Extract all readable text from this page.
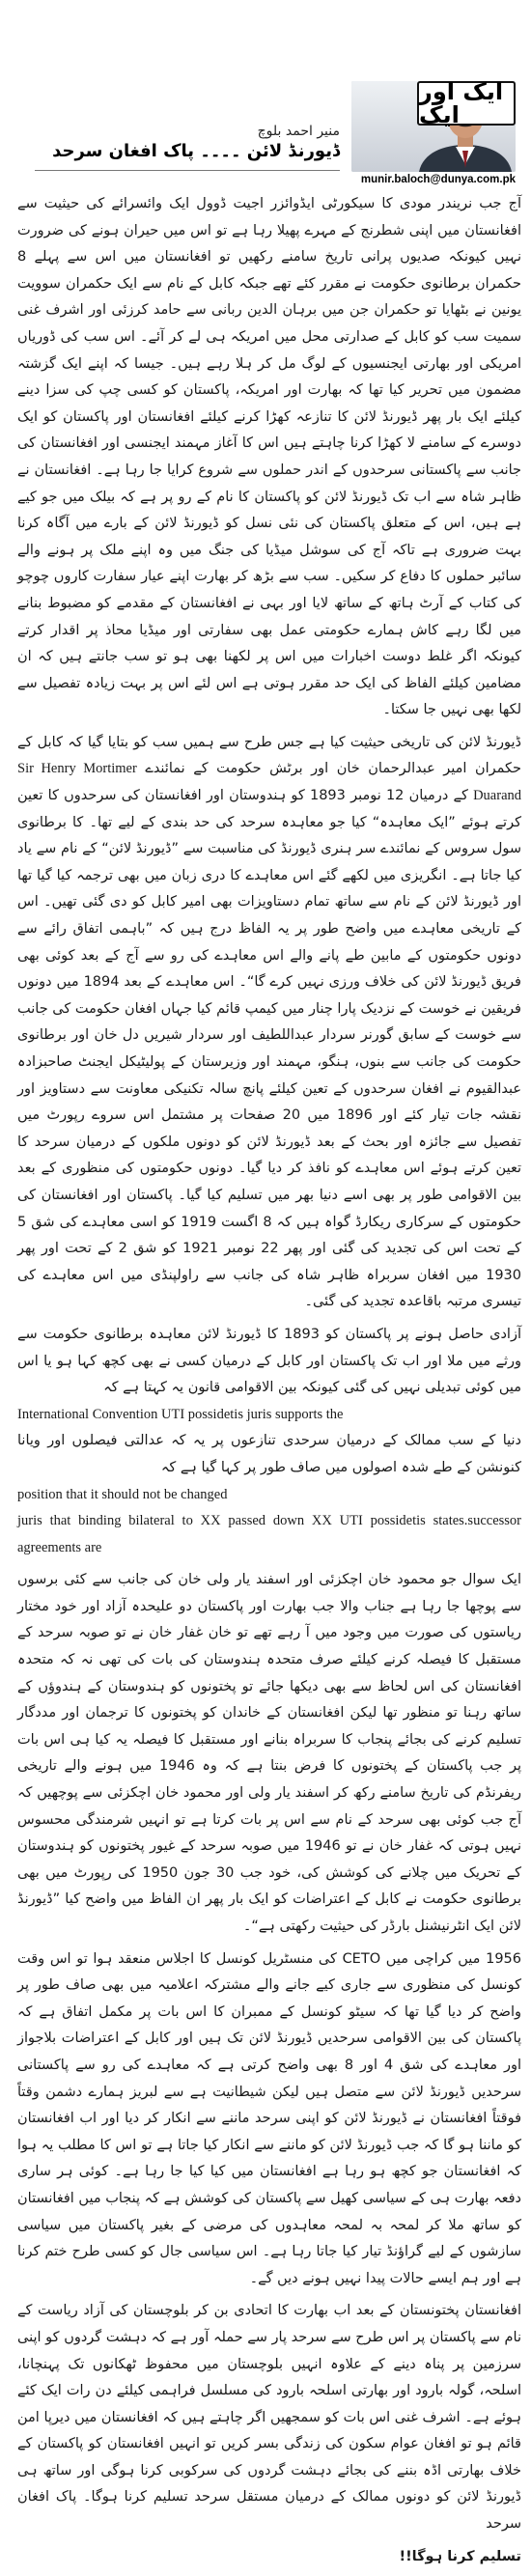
ایک اور ایک
منیر احمد بلوچ
ڈیورنڈ لائن ۔۔۔۔ پاک افغان سرحد
munir.baloch@dunya.com.pk

آج جب نریندر مودی کا سیکورٹی ایڈوائزر اجیت ڈوول ایک وائسرائے کی حیثیت سے افغانستان میں اپنی شطرنج کے مہرے پھیلا رہا ہے تو اس میں حیران ہونے کی ضرورت نہیں کیونکہ صدیوں پرانی تاریخ سامنے رکھیں تو افغانستان میں اس سے پہلے 8 حکمران برطانوی حکومت نے مقرر کئے تھے جبکہ کابل کے نام سے ایک حکمران سوویت یونین نے بٹھایا تو حکمران جن میں برہان الدین ربانی سے حامد کرزئی اور اشرف غنی سمیت سب کو کابل کے صدارتی محل میں امریکہ ہی لے کر آئے۔ اس سب کی ڈوریاں امریکی اور بھارتی ایجنسیوں کے لوگ مل کر ہلا رہے ہیں۔ جیسا کہ اپنے ایک گزشتہ مضمون میں تحریر کیا تھا کہ بھارت اور امریکہ، پاکستان کو کسی چپ کی سزا دینے کیلئے ایک بار پھر ڈیورنڈ لائن کا تنازعہ کھڑا کرنے کیلئے افغانستان اور پاکستان کو ایک دوسرے کے سامنے لا کھڑا کرنا چاہتے ہیں اس کا آغاز مہمند ایجنسی اور افغانستان کی جانب سے پاکستانی سرحدوں کے اندر حملوں سے شروع کرایا جا رہا ہے۔ افغانستان نے ظاہر شاہ سے اب تک ڈیورنڈ لائن کو پاکستان کا نام کے رو پر ہے کہ بیلک میں جو کیے ہے ہیں، اس کے متعلق پاکستان کی نئی نسل کو ڈیورنڈ لائن کے بارے میں آگاہ کرنا بہت ضروری ہے تاکہ آج کی سوشل میڈیا کی جنگ میں وہ اپنے ملک پر ہونے والے سائبر حملوں کا دفاع کر سکیں۔ سب سے بڑھ کر بھارت اپنے عیار سفارت کاروں چوچو کی کتاب کے آرٹ ہاتھ کے ساتھ لایا اور بہی نے افغانستان کے مقدمے کو مضبوط بنانے میں لگا رہے کاش ہمارے حکومتی عمل بھی سفارتی اور میڈیا محاذ پر اقدار کرتے کیونکہ اگر غلط دوست اخبارات میں اس پر لکھنا بھی ہو تو سب جانتے ہیں کہ ان مضامین کیلئے الفاظ کی ایک حد مقرر ہوتی ہے اس لئے اس پر بہت زیادہ تفصیل سے لکھا بھی نہیں جا سکتا۔

ڈیورنڈ لائن کی تاریخی حیثیت کیا ہے جس طرح سے ہمیں سب کو بتایا گیا کہ کابل کے حکمران امیر عبدالرحمان خان اور برٹش حکومت کے نمائندے Sir Henry Mortimer Duarand کے درمیان 12 نومبر 1893 کو ہندوستان اور افغانستان کی سرحدوں کا تعین کرتے ہوئے ”ایک معاہدہ“ کیا جو معاہدہ سرحد کی حد بندی کے لیے تھا۔ کا برطانوی سول سروس کے نمائندے سر ہنری ڈیورنڈ کی مناسبت سے ”ڈیورنڈ لائن“ کے نام سے یاد کیا جاتا ہے۔ انگریزی میں لکھے گئے اس معاہدے کا دری زبان میں بھی ترجمہ کیا گیا تھا اور ڈیورنڈ لائن کے نام سے ساتھ تمام دستاویزات بھی امیر کابل کو دی گئی تھیں۔ اس کے تاریخی معاہدے میں واضح طور پر یہ الفاظ درج ہیں کہ ”باہمی اتفاق رائے سے دونوں حکومتوں کے مابین طے پانے والے اس معاہدے کی رو سے آج کے بعد کوئی بھی فریق ڈیورنڈ لائن کی خلاف ورزی نہیں کرے گا“۔ اس معاہدے کے بعد 1894 میں دونوں فریقین نے خوست کے نزدیک پارا چنار میں کیمپ قائم کیا جہاں افغان حکومت کی جانب سے خوست کے سابق گورنر سردار عبداللطیف اور سردار شیریں دل خان اور برطانوی حکومت کی جانب سے بنوں، ہنگو، مہمند اور وزیرستان کے پولیٹیکل ایجنٹ صاحبزادہ عبدالقیوم نے افغان سرحدوں کے تعین کیلئے پانچ سالہ تکنیکی معاونت سے دستاویز اور نقشہ جات تیار کئے اور 1896 میں 20 صفحات پر مشتمل اس سروے رپورٹ میں تفصیل سے جائزہ اور بحث کے بعد ڈیورنڈ لائن کو دونوں ملکوں کے درمیان سرحد کا تعین کرتے ہوئے اس معاہدے کو نافذ کر دیا گیا۔ دونوں حکومتوں کی منظوری کے بعد بین الاقوامی طور پر بھی اسے دنیا بھر میں تسلیم کیا گیا۔ پاکستان اور افغانستان کی حکومتوں کے سرکاری ریکارڈ گواہ ہیں کہ 8 اگست 1919 کو اسی معاہدے کی شق 5 کے تحت اس کی تجدید کی گئی اور پھر 22 نومبر 1921 کو شق 2 کے تحت اور پھر 1930 میں افغان سربراہ ظاہر شاہ کی جانب سے راولپنڈی میں اس معاہدے کی تیسری مرتبہ باقاعدہ تجدید کی گئی۔

آزادی حاصل ہونے پر پاکستان کو 1893 کا ڈیورنڈ لائن معاہدہ برطانوی حکومت سے ورثے میں ملا اور اب تک پاکستان اور کابل کے درمیان کسی نے بھی کچھ کہا ہو یا اس میں کوئی تبدیلی نہیں کی گئی کیونکہ بین الاقوامی قانون یہ کہتا ہے کہ
International Convention UTI possidetis juris supports the
دنیا کے سب ممالک کے درمیان سرحدی تنازعوں پر یہ کہ عدالتی فیصلوں اور ویانا کنونشن کے طے شدہ اصولوں میں صاف طور پر کہا گیا ہے کہ
position that it should not be changed
juris that binding bilateral to XX passed down XX UTI possidetis states.successor agreements are

ایک سوال جو محمود خان اچکزئی اور اسفند یار ولی خان کی جانب سے کئی برسوں سے پوچھا جا رہا ہے جناب والا جب بھارت اور پاکستان دو علیحدہ آزاد اور خود مختار ریاستوں کی صورت میں وجود میں آ رہے تھے تو خان غفار خان نے تو صوبہ سرحد کے مستقبل کا فیصلہ کرنے کیلئے صرف متحدہ ہندوستان کی بات کی تھی نہ کہ متحدہ افغانستان کی اس لحاظ سے بھی دیکھا جائے تو پختونوں کو ہندوستان کے ہندوؤں کے ساتھ رہنا تو منظور تھا لیکن افغانستان کے خاندان کو پختونوں کا ترجمان اور مددگار تسلیم کرنے کی بجائے پنجاب کا سربراہ بنانے اور مستقبل کا فیصلہ یہ کیا ہی اس بات پر جب پاکستان کے پختونوں کا فرض بنتا ہے کہ وہ 1946 میں ہونے والے تاریخی ریفرنڈم کی تاریخ سامنے رکھ کر اسفند یار ولی اور محمود خان اچکزئی سے پوچھیں کہ آج جب کوئی بھی سرحد کے نام سے اس پر بات کرتا ہے تو انہیں شرمندگی محسوس نہیں ہوتی کہ غفار خان نے تو 1946 میں صوبہ سرحد کے غیور پختونوں کو ہندوستان کے تحریک میں چلانے کی کوشش کی، خود جب 30 جون 1950 کی رپورٹ میں بھی برطانوی حکومت نے کابل کے اعتراضات کو ایک بار پھر ان الفاظ میں واضح کیا ”ڈیورنڈ لائن ایک انٹرنیشنل بارڈر کی حیثیت رکھتی ہے“۔

1956 میں کراچی میں CETO کی منسٹریل کونسل کا اجلاس منعقد ہوا تو اس وقت کونسل کی منظوری سے جاری کیے جانے والے مشترکہ اعلامیہ میں بھی صاف طور پر واضح کر دیا گیا تھا کہ سیٹو کونسل کے ممبران کا اس بات پر مکمل اتفاق ہے کہ پاکستان کی بین الاقوامی سرحدیں ڈیورنڈ لائن تک ہیں اور کابل کے اعتراضات بلاجواز اور معاہدے کی شق 4 اور 8 بھی واضح کرتی ہے کہ معاہدے کی رو سے پاکستانی سرحدیں ڈیورنڈ لائن سے متصل ہیں لیکن شیطانیت ہے سے لبریز ہمارے دشمن وقتاً فوقتاً افغانستان نے ڈیورنڈ لائن کو اپنی سرحد ماننے سے انکار کر دیا اور اب افغانستان کو ماننا ہو گا کہ جب ڈیورنڈ لائن کو ماننے سے انکار کیا جاتا ہے تو اس کا مطلب یہ ہوا کہ افغانستان جو کچھ ہو رہا ہے افغانستان میں کیا کیا جا رہا ہے۔ کوئی ہر ساری دفعہ بھارت ہی کے سیاسی کھیل سے پاکستان کی کوشش ہے کہ پنجاب میں افغانستان کو ساتھ ملا کر لمحہ بہ لمحہ معاہدوں کی مرضی کے بغیر پاکستان میں سیاسی سازشوں کے لیے گراؤنڈ تیار کیا جاتا رہا ہے۔ اس سیاسی جال کو کسی طرح ختم کرنا ہے اور ہم ایسے حالات پیدا نہیں ہونے دیں گے۔

افغانستان پختونستان کے بعد اب بھارت کا اتحادی بن کر بلوچستان کی آزاد ریاست کے نام سے پاکستان پر اس طرح سے سرحد پار سے حملہ آور ہے کہ دہشت گردوں کو اپنی سرزمین پر پناہ دینے کے علاوہ انہیں بلوچستان میں محفوظ ٹھکانوں تک پہنچانا، اسلحہ، گولہ بارود اور بھارتی اسلحہ بارود کی مسلسل فراہمی کیلئے دن رات ایک کئے ہوئے ہے۔ اشرف غنی اس بات کو سمجھیں اگر چاہتے ہیں کہ افغانستان میں دیرپا امن قائم ہو تو افغان عوام سکون کی زندگی بسر کریں تو انہیں افغانستان کو پاکستان کے خلاف بھارتی اڈہ بننے کی بجائے دہشت گردوں کی سرکوبی کرنا ہوگی اور ساتھ ہی ڈیورنڈ لائن کو دونوں ممالک کے درمیان مستقل سرحد تسلیم کرنا ہوگا۔ پاک افغان سرحد

تسلیم کرنا ہوگا!!
